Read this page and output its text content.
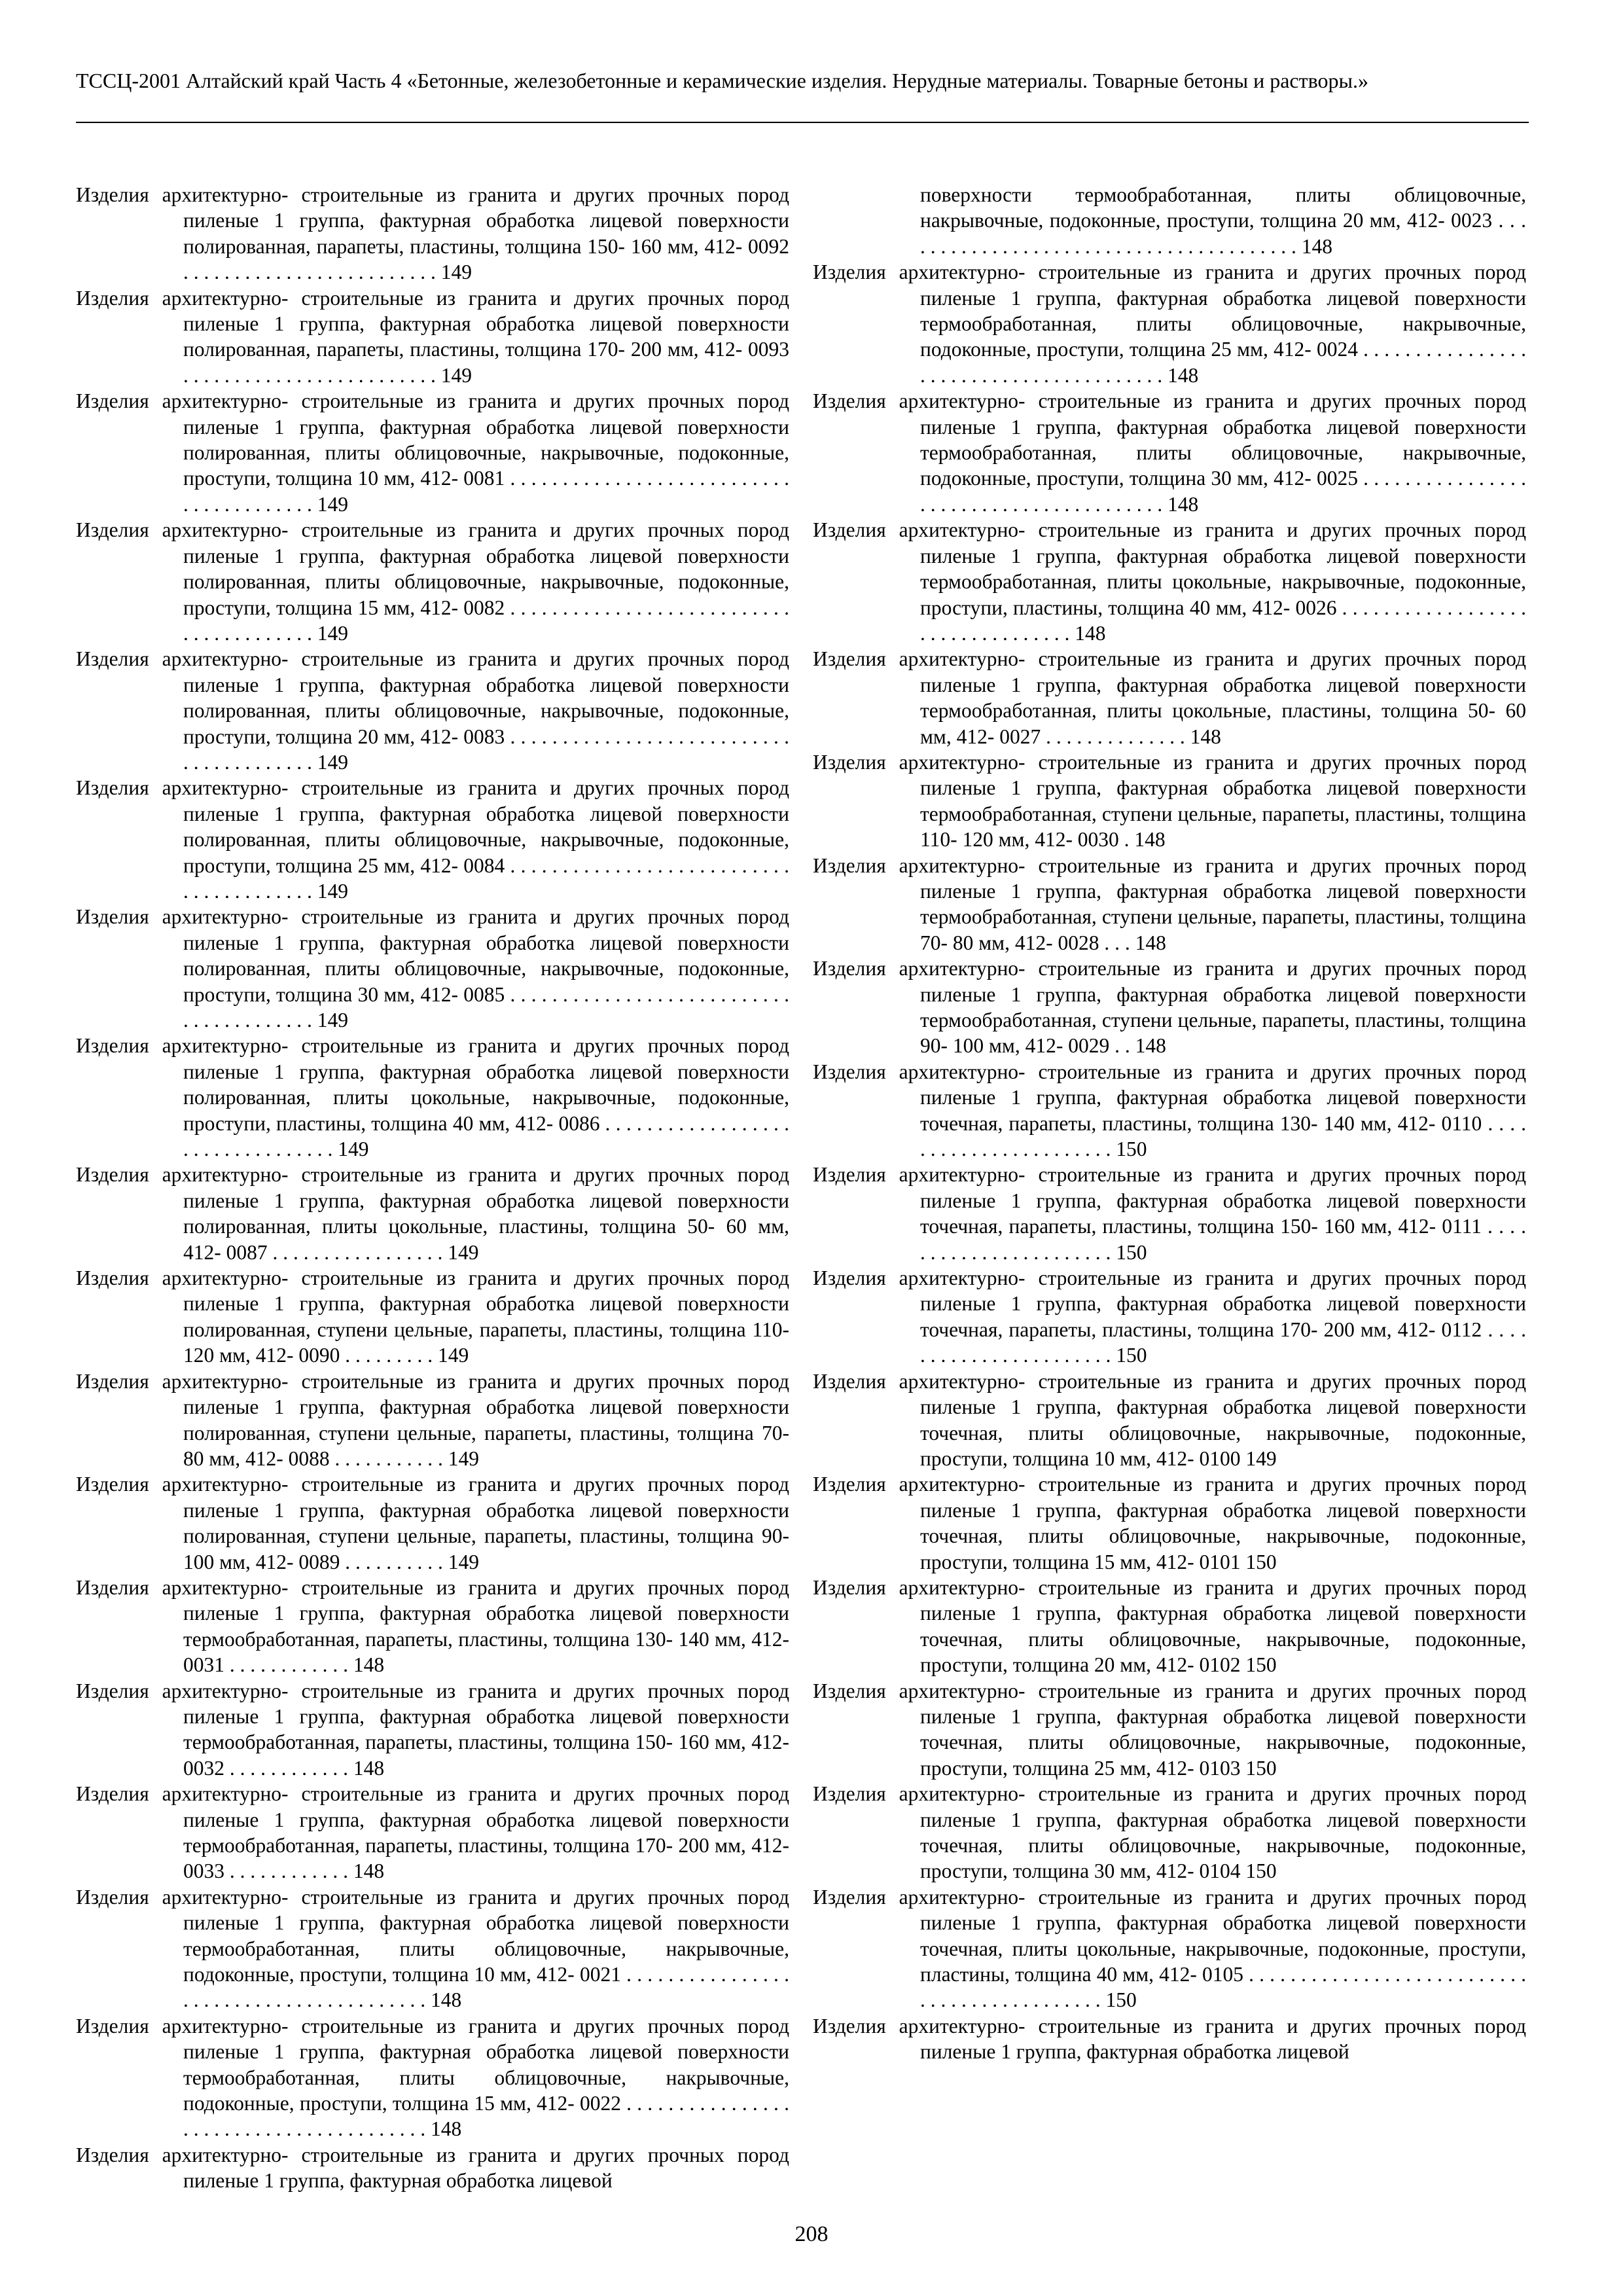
ТССЦ-2001 Алтайский край Часть 4 «Бетонные, железобетонные и керамические изделия. Нерудные материалы. Товарные бетоны и растворы.»

Изделия архитектурно- строительные из гранита и других прочных пород пиленые 1 группа, фактурная обработка лицевой поверхности полированная, парапеты, пластины, толщина 150- 160 мм, 412- 0092 . . . . . . . . . . . . . . . . . . . . . . . . . 149

Изделия архитектурно- строительные из гранита и других прочных пород пиленые 1 группа, фактурная обработка лицевой поверхности полированная, парапеты, пластины, толщина 170- 200 мм, 412- 0093 . . . . . . . . . . . . . . . . . . . . . . . . . 149

Изделия архитектурно- строительные из гранита и других прочных пород пиленые 1 группа, фактурная обработка лицевой поверхности полированная, плиты облицовочные, накрывочные, подоконные, проступи, толщина 10 мм, 412- 0081 . . . . . . . . . . . . . . . . . . . . . . . . . . . . . . . . . . . . . . . . 149

Изделия архитектурно- строительные из гранита и других прочных пород пиленые 1 группа, фактурная обработка лицевой поверхности полированная, плиты облицовочные, накрывочные, подоконные, проступи, толщина 15 мм, 412- 0082 . . . . . . . . . . . . . . . . . . . . . . . . . . . . . . . . . . . . . . . . 149

Изделия архитектурно- строительные из гранита и других прочных пород пиленые 1 группа, фактурная обработка лицевой поверхности полированная, плиты облицовочные, накрывочные, подоконные, проступи, толщина 20 мм, 412- 0083 . . . . . . . . . . . . . . . . . . . . . . . . . . . . . . . . . . . . . . . . 149

Изделия архитектурно- строительные из гранита и других прочных пород пиленые 1 группа, фактурная обработка лицевой поверхности полированная, плиты облицовочные, накрывочные, подоконные, проступи, толщина 25 мм, 412- 0084 . . . . . . . . . . . . . . . . . . . . . . . . . . . . . . . . . . . . . . . . 149

Изделия архитектурно- строительные из гранита и других прочных пород пиленые 1 группа, фактурная обработка лицевой поверхности полированная, плиты облицовочные, накрывочные, подоконные, проступи, толщина 30 мм, 412- 0085 . . . . . . . . . . . . . . . . . . . . . . . . . . . . . . . . . . . . . . . . 149

Изделия архитектурно- строительные из гранита и других прочных пород пиленые 1 группа, фактурная обработка лицевой поверхности полированная, плиты цокольные, накрывочные, подоконные, проступи, пластины, толщина 40 мм, 412- 0086 . . . . . . . . . . . . . . . . . . . . . . . . . . . . . . . . . 149

Изделия архитектурно- строительные из гранита и других прочных пород пиленые 1 группа, фактурная обработка лицевой поверхности полированная, плиты цокольные, пластины, толщина 50- 60 мм, 412- 0087 . . . . . . . . . . . . . . . . . 149

Изделия архитектурно- строительные из гранита и других прочных пород пиленые 1 группа, фактурная обработка лицевой поверхности полированная, ступени цельные, парапеты, пластины, толщина 110- 120 мм, 412- 0090 . . . . . . . . . 149

Изделия архитектурно- строительные из гранита и других прочных пород пиленые 1 группа, фактурная обработка лицевой поверхности полированная, ступени цельные, парапеты, пластины, толщина 70- 80 мм, 412- 0088 . . . . . . . . . . . 149

Изделия архитектурно- строительные из гранита и других прочных пород пиленые 1 группа, фактурная обработка лицевой поверхности полированная, ступени цельные, парапеты, пластины, толщина 90- 100 мм, 412- 0089 . . . . . . . . . . 149

Изделия архитектурно- строительные из гранита и других прочных пород пиленые 1 группа, фактурная обработка лицевой поверхности термообработанная, парапеты, пластины, толщина 130- 140 мм, 412- 0031 . . . . . . . . . . . . 148

Изделия архитектурно- строительные из гранита и других прочных пород пиленые 1 группа, фактурная обработка лицевой поверхности термообработанная, парапеты, пластины, толщина 150- 160 мм, 412- 0032 . . . . . . . . . . . . 148

Изделия архитектурно- строительные из гранита и других прочных пород пиленые 1 группа, фактурная обработка лицевой поверхности термообработанная, парапеты, пластины, толщина 170- 200 мм, 412- 0033 . . . . . . . . . . . . 148

Изделия архитектурно- строительные из гранита и других прочных пород пиленые 1 группа, фактурная обработка лицевой поверхности термообработанная, плиты облицовочные, накрывочные, подоконные, проступи, толщина 10 мм, 412- 0021 . . . . . . . . . . . . . . . . . . . . . . . . . . . . . . . . . . . . . . . . 148

Изделия архитектурно- строительные из гранита и других прочных пород пиленые 1 группа, фактурная обработка лицевой поверхности термообработанная, плиты облицовочные, накрывочные, подоконные, проступи, толщина 15 мм, 412- 0022 . . . . . . . . . . . . . . . . . . . . . . . . . . . . . . . . . . . . . . . . 148

Изделия архитектурно- строительные из гранита и других прочных пород пиленые 1 группа, фактурная обработка лицевой

поверхности термообработанная, плиты облицовочные, накрывочные, подоконные, проступи, толщина 20 мм, 412- 0023 . . . . . . . . . . . . . . . . . . . . . . . . . . . . . . . . . . . . . . . . 148

Изделия архитектурно- строительные из гранита и других прочных пород пиленые 1 группа, фактурная обработка лицевой поверхности термообработанная, плиты облицовочные, накрывочные, подоконные, проступи, толщина 25 мм, 412- 0024 . . . . . . . . . . . . . . . . . . . . . . . . . . . . . . . . . . . . . . . . 148

Изделия архитектурно- строительные из гранита и других прочных пород пиленые 1 группа, фактурная обработка лицевой поверхности термообработанная, плиты облицовочные, накрывочные, подоконные, проступи, толщина 30 мм, 412- 0025 . . . . . . . . . . . . . . . . . . . . . . . . . . . . . . . . . . . . . . . . 148

Изделия архитектурно- строительные из гранита и других прочных пород пиленые 1 группа, фактурная обработка лицевой поверхности термообработанная, плиты цокольные, накрывочные, подоконные, проступи, пластины, толщина 40 мм, 412- 0026 . . . . . . . . . . . . . . . . . . . . . . . . . . . . . . . . . 148

Изделия архитектурно- строительные из гранита и других прочных пород пиленые 1 группа, фактурная обработка лицевой поверхности термообработанная, плиты цокольные, пластины, толщина 50- 60 мм, 412- 0027 . . . . . . . . . . . . . . 148

Изделия архитектурно- строительные из гранита и других прочных пород пиленые 1 группа, фактурная обработка лицевой поверхности термообработанная, ступени цельные, парапеты, пластины, толщина 110- 120 мм, 412- 0030 . 148

Изделия архитектурно- строительные из гранита и других прочных пород пиленые 1 группа, фактурная обработка лицевой поверхности термообработанная, ступени цельные, парапеты, пластины, толщина 70- 80 мм, 412- 0028 . . . 148

Изделия архитектурно- строительные из гранита и других прочных пород пиленые 1 группа, фактурная обработка лицевой поверхности термообработанная, ступени цельные, парапеты, пластины, толщина 90- 100 мм, 412- 0029 . . 148

Изделия архитектурно- строительные из гранита и других прочных пород пиленые 1 группа, фактурная обработка лицевой поверхности точечная, парапеты, пластины, толщина 130- 140 мм, 412- 0110 . . . . . . . . . . . . . . . . . . . . . . . 150

Изделия архитектурно- строительные из гранита и других прочных пород пиленые 1 группа, фактурная обработка лицевой поверхности точечная, парапеты, пластины, толщина 150- 160 мм, 412- 0111 . . . . . . . . . . . . . . . . . . . . . . . 150

Изделия архитектурно- строительные из гранита и других прочных пород пиленые 1 группа, фактурная обработка лицевой поверхности точечная, парапеты, пластины, толщина 170- 200 мм, 412- 0112 . . . . . . . . . . . . . . . . . . . . . . . 150

Изделия архитектурно- строительные из гранита и других прочных пород пиленые 1 группа, фактурная обработка лицевой поверхности точечная, плиты облицовочные, накрывочные, подоконные, проступи, толщина 10 мм, 412- 0100 149

Изделия архитектурно- строительные из гранита и других прочных пород пиленые 1 группа, фактурная обработка лицевой поверхности точечная, плиты облицовочные, накрывочные, подоконные, проступи, толщина 15 мм, 412- 0101 150

Изделия архитектурно- строительные из гранита и других прочных пород пиленые 1 группа, фактурная обработка лицевой поверхности точечная, плиты облицовочные, накрывочные, подоконные, проступи, толщина 20 мм, 412- 0102 150

Изделия архитектурно- строительные из гранита и других прочных пород пиленые 1 группа, фактурная обработка лицевой поверхности точечная, плиты облицовочные, накрывочные, подоконные, проступи, толщина 25 мм, 412- 0103 150

Изделия архитектурно- строительные из гранита и других прочных пород пиленые 1 группа, фактурная обработка лицевой поверхности точечная, плиты облицовочные, накрывочные, подоконные, проступи, толщина 30 мм, 412- 0104 150

Изделия архитектурно- строительные из гранита и других прочных пород пиленые 1 группа, фактурная обработка лицевой поверхности точечная, плиты цокольные, накрывочные, подоконные, проступи, пластины, толщина 40 мм, 412- 0105 . . . . . . . . . . . . . . . . . . . . . . . . . . . . . . . . . . . . . . . . . . . . . 150

Изделия архитектурно- строительные из гранита и других прочных пород пиленые 1 группа, фактурная обработка лицевой

208
